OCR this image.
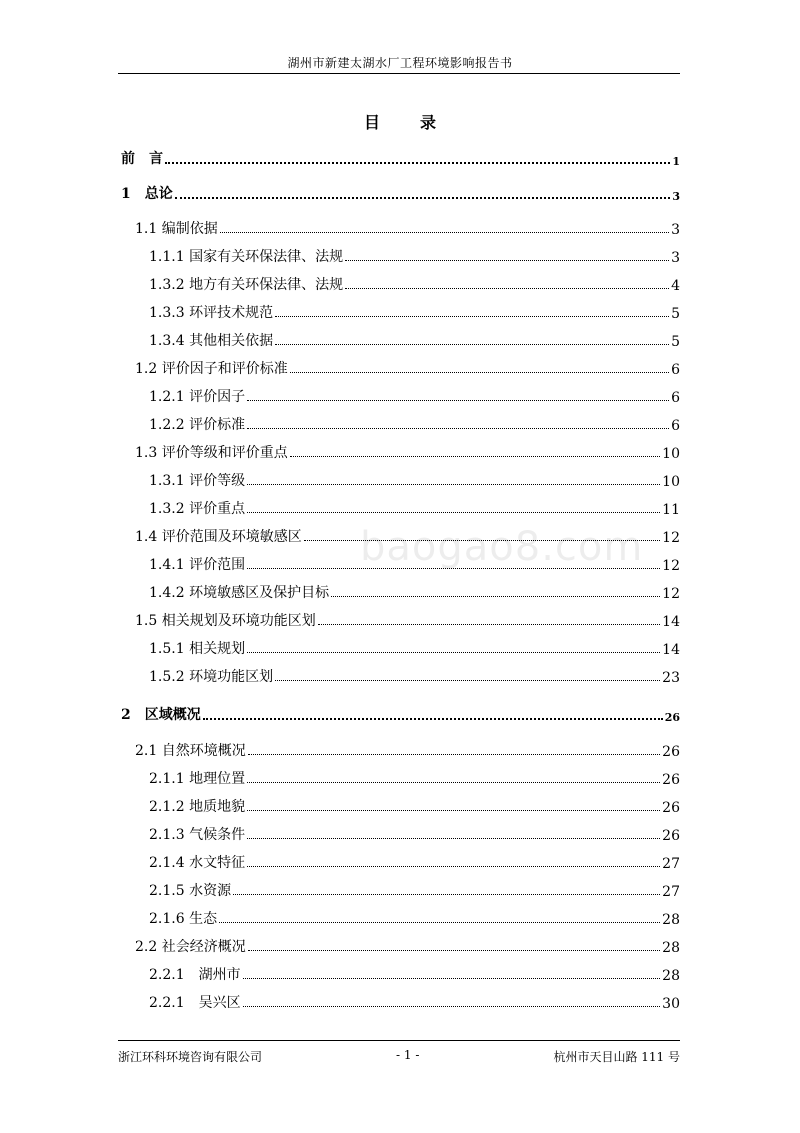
湖州市新建太湖水厂工程环境影响报告书
目　录
baogao8.com
前　言	1
1　总论	3
1.1 编制依据	3
1.1.1 国家有关环保法律、法规	3
1.3.2 地方有关环保法律、法规	4
1.3.3 环评技术规范	5
1.3.4 其他相关依据	5
1.2 评价因子和评价标准	6
1.2.1 评价因子	6
1.2.2 评价标准	6
1.3 评价等级和评价重点	10
1.3.1 评价等级	10
1.3.2 评价重点	11
1.4 评价范围及环境敏感区	12
1.4.1 评价范围	12
1.4.2 环境敏感区及保护目标	12
1.5 相关规划及环境功能区划	14
1.5.1 相关规划	14
1.5.2 环境功能区划	23
2　区域概况	26
2.1 自然环境概况	26
2.1.1 地理位置	26
2.1.2 地质地貌	26
2.1.3 气候条件	26
2.1.4 水文特征	27
2.1.5 水资源	27
2.1.6 生态	28
2.2 社会经济概况	28
2.2.1　湖州市	28
2.2.1　吴兴区	30
浙江环科环境咨询有限公司	- 1 -	杭州市天目山路 111 号
